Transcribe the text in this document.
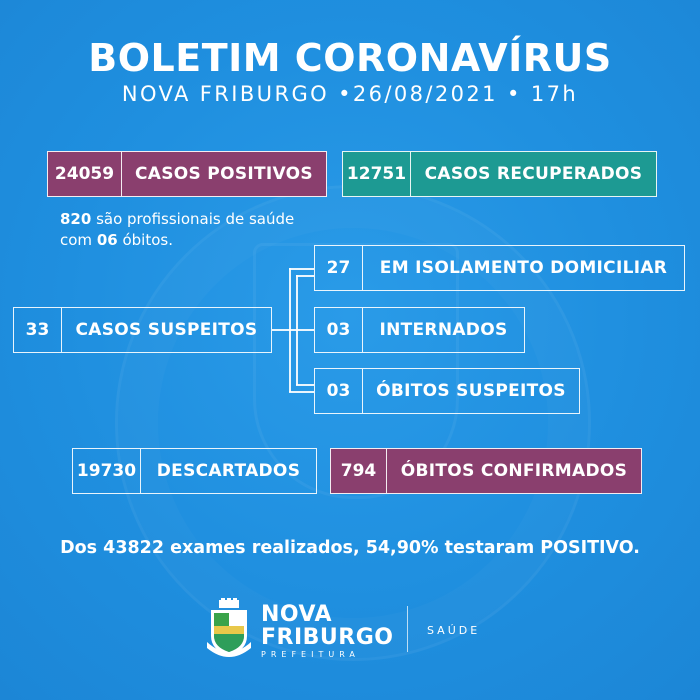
BOLETIM CORONAVÍRUS
NOVA FRIBURGO •26/08/2021 • 17h
24059	CASOS POSITIVOS	12751	CASOS RECUPERADOS
820 são profissionais de saúde
com 06 óbitos.
33	CASOS SUSPEITOS
27	EM ISOLAMENTO DOMICILIAR
03	INTERNADOS
03	ÓBITOS SUSPEITOS
19730	DESCARTADOS	794	ÓBITOS CONFIRMADOS
Dos 43822 exames realizados, 54,90% testaram POSITIVO.
NOVA
FRIBURGO
PREFEITURA
SAÚDE
